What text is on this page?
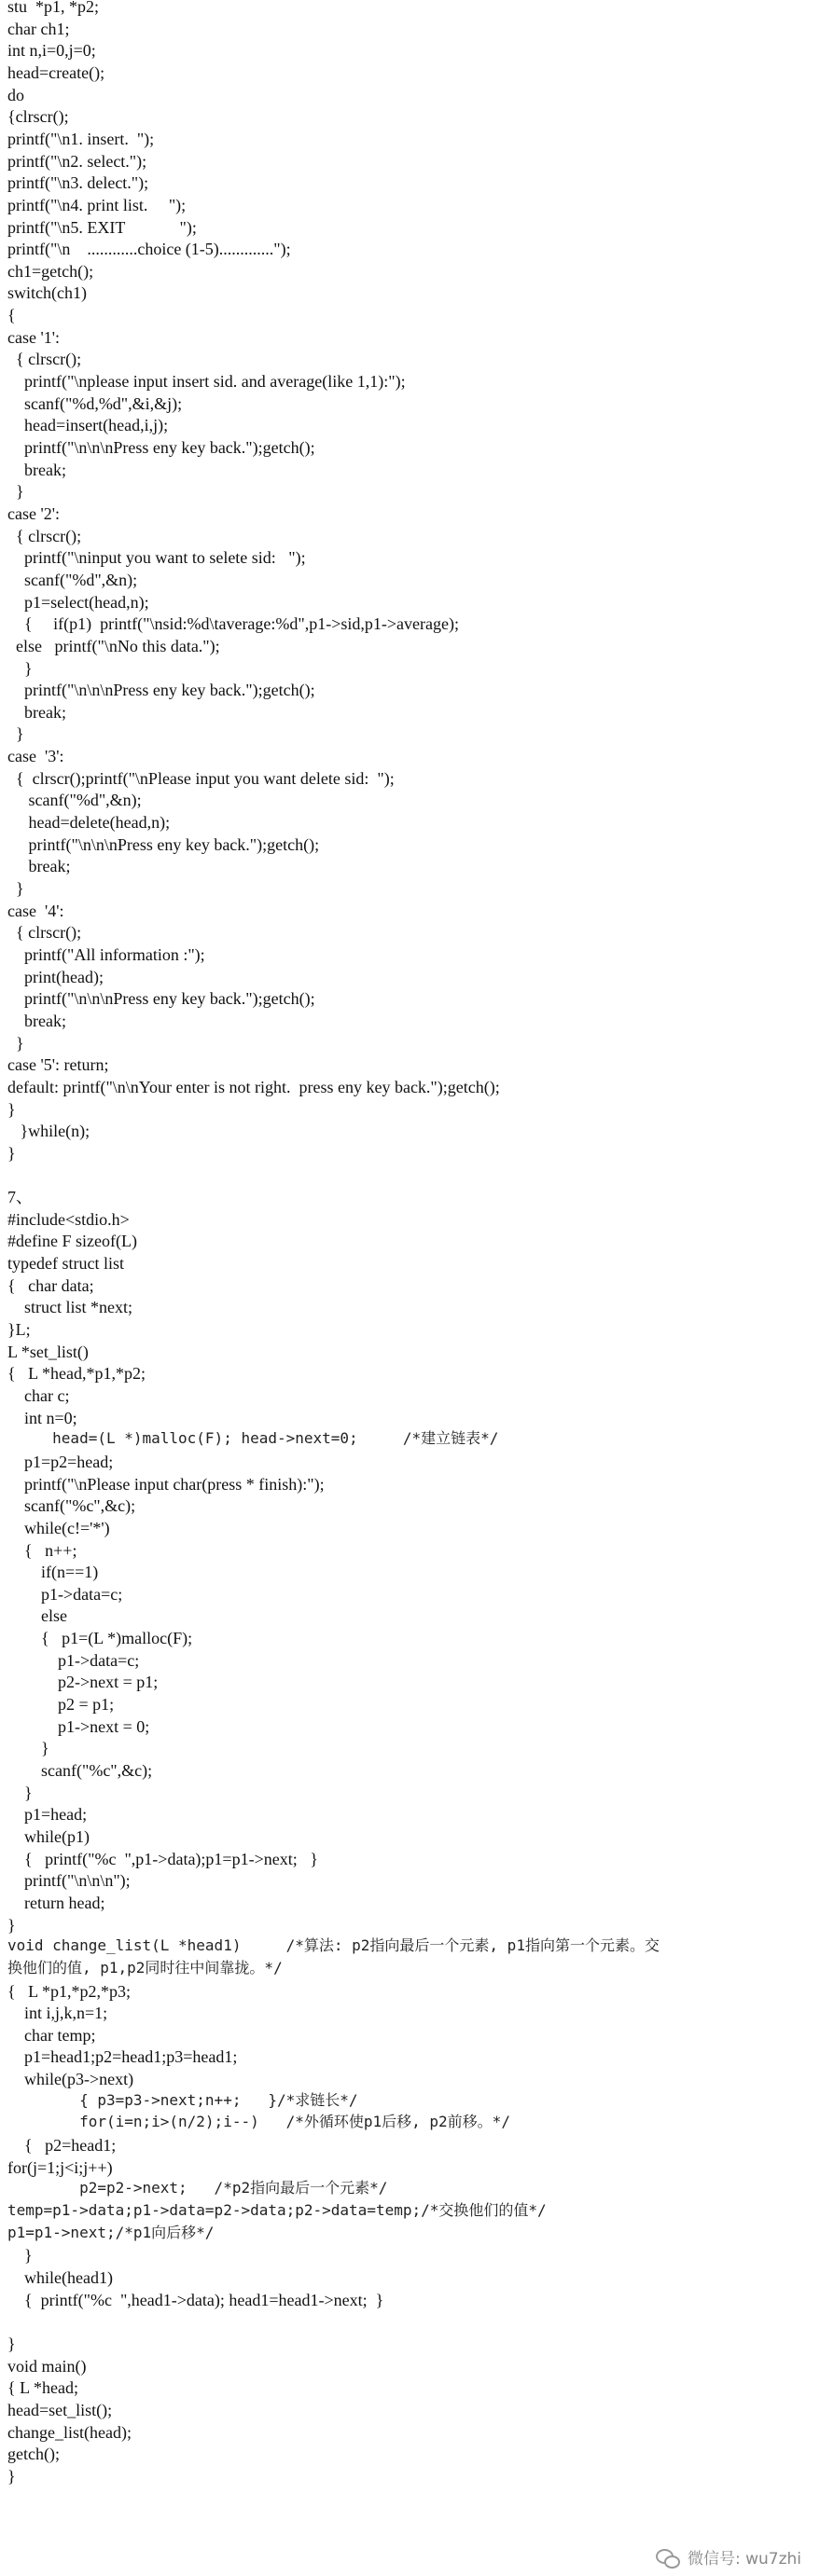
stu  *p1, *p2;
char ch1;
int n,i=0,j=0;
head=create();
do
{clrscr();
printf("\n1. insert.  ");
printf("\n2. select.");
printf("\n3. delect.");
printf("\n4. print list.     ");
printf("\n5. EXIT             ");
printf("\n    ............choice (1-5).............");
ch1=getch();
switch(ch1)
{
case '1':
{ clrscr();
printf("\nplease input insert sid. and average(like 1,1):");
scanf("%d,%d",&i,&j);
head=insert(head,i,j);
printf("\n\n\nPress eny key back.");getch();
break;
}
case '2':
{ clrscr();
printf("\ninput you want to selete sid:   ");
scanf("%d",&n);
p1=select(head,n);
{     if(p1)  printf("\nsid:%d\taverage:%d",p1->sid,p1->average);
else   printf("\nNo this data.");
}
printf("\n\n\nPress eny key back.");getch();
break;
}
case  '3':
{  clrscr();printf("\nPlease input you want delete sid:  ");
scanf("%d",&n);
head=delete(head,n);
printf("\n\n\nPress eny key back.");getch();
break;
}
case  '4':
{ clrscr();
printf("All information :");
print(head);
printf("\n\n\nPress eny key back.");getch();
break;
}
case '5': return;
default: printf("\n\nYour enter is not right.  press eny key back.");getch();
}
}while(n);
}
7、
#include<stdio.h>
#define F sizeof(L)
typedef struct list
{   char data;
struct list *next;
}L;
L *set_list()
{   L *head,*p1,*p2;
char c;
int n=0;
head=(L *)malloc(F); head->next=0;     /*建立链表*/
p1=p2=head;
printf("\nPlease input char(press * finish):");
scanf("%c",&c);
while(c!='*')
{   n++;
if(n==1)
p1->data=c;
else
{   p1=(L *)malloc(F);
p1->data=c;
p2->next = p1;
p2 = p1;
p1->next = 0;
}
scanf("%c",&c);
}
p1=head;
while(p1)
{   printf("%c  ",p1->data);p1=p1->next;   }
printf("\n\n\n");
return head;
}
void change_list(L *head1)     /*算法: p2指向最后一个元素, p1指向第一个元素。交
换他们的值, p1,p2同时往中间靠拢。*/
{   L *p1,*p2,*p3;
int i,j,k,n=1;
char temp;
p1=head1;p2=head1;p3=head1;
while(p3->next)
{ p3=p3->next;n++;   }/*求链长*/
for(i=n;i>(n/2);i--)   /*外循环使p1后移, p2前移。*/
{   p2=head1;
for(j=1;j<i;j++)
p2=p2->next;   /*p2指向最后一个元素*/
temp=p1->data;p1->data=p2->data;p2->data=temp;/*交换他们的值*/
p1=p1->next;/*p1向后移*/
}
while(head1)
{  printf("%c  ",head1->data); head1=head1->next;  }
}
void main()
{ L *head;
head=set_list();
change_list(head);
getch();
}
微信号: wu7zhi
